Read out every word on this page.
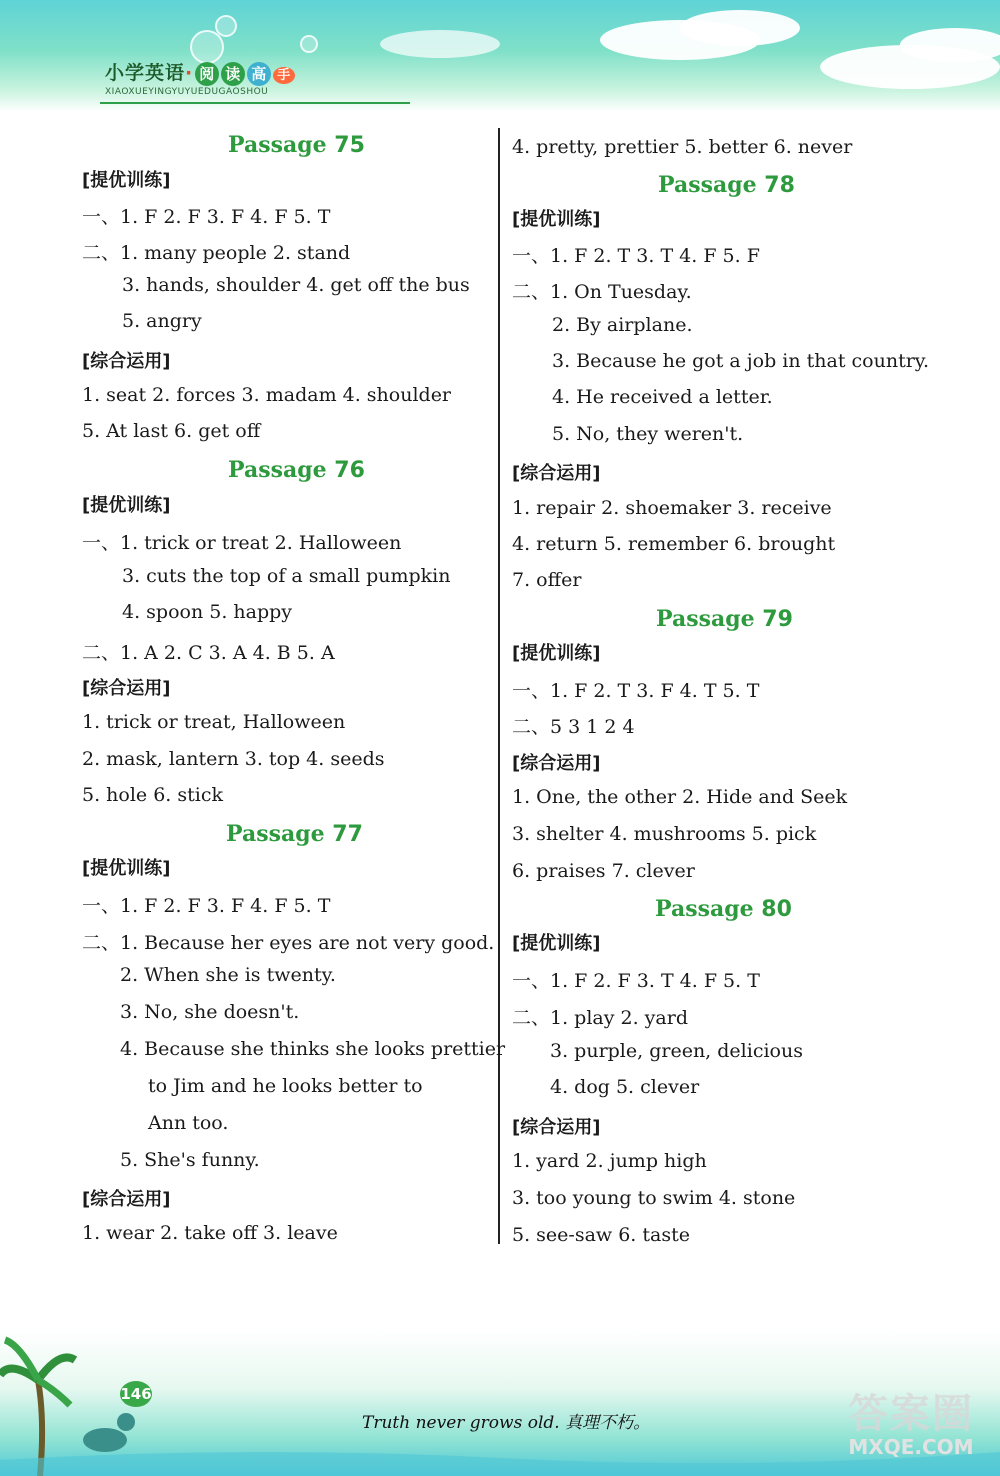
小学英语· 阅 读 高 手
XIAOXUEYINGYUYUEDUGAOSHOU
Passage 75
[提优训练]
一、1. F 2. F 3. F 4. F 5. T
二、1. many people 2. stand
3. hands, shoulder 4. get off the bus
5. angry
[综合运用]
1. seat 2. forces 3. madam 4. shoulder
5. At last 6. get off
Passage 76
[提优训练]
一、1. trick or treat 2. Halloween
3. cuts the top of a small pumpkin
4. spoon 5. happy
二、1. A 2. C 3. A 4. B 5. A
[综合运用]
1. trick or treat, Halloween
2. mask, lantern 3. top 4. seeds
5. hole 6. stick
Passage 77
[提优训练]
一、1. F 2. F 3. F 4. F 5. T
二、1. Because her eyes are not very good.
2. When she is twenty.
3. No, she doesn't.
4. Because she thinks she looks prettier
to Jim and he looks better to
Ann too.
5. She's funny.
[综合运用]
1. wear 2. take off 3. leave
4. pretty, prettier 5. better 6. never
Passage 78
[提优训练]
一、1. F 2. T 3. T 4. F 5. F
二、1. On Tuesday.
2. By airplane.
3. Because he got a job in that country.
4. He received a letter.
5. No, they weren't.
[综合运用]
1. repair 2. shoemaker 3. receive
4. return 5. remember 6. brought
7. offer
Passage 79
[提优训练]
一、1. F 2. T 3. F 4. T 5. T
二、5 3 1 2 4
[综合运用]
1. One, the other 2. Hide and Seek
3. shelter 4. mushrooms 5. pick
6. praises 7. clever
Passage 80
[提优训练]
一、1. F 2. F 3. T 4. F 5. T
二、1. play 2. yard
3. purple, green, delicious
4. dog 5. clever
[综合运用]
1. yard 2. jump high
3. too young to swim 4. stone
5. see-saw 6. taste
146
Truth never grows old. 真理不朽。	答案圈
MXQE.COM
